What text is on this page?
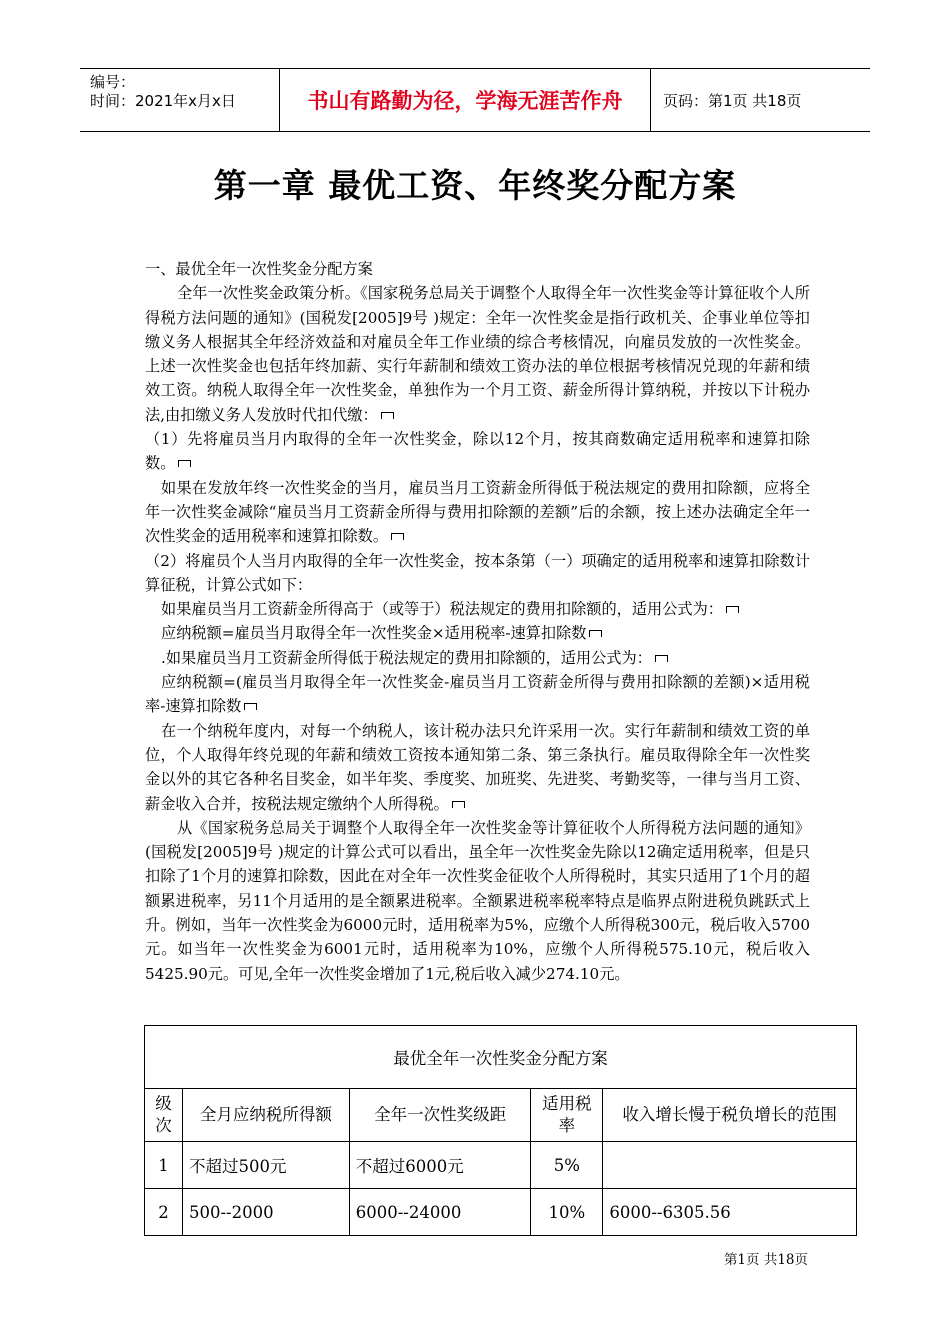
编号：
时间：2021年x月x日	书山有路勤为径，学海无涯苦作舟	页码：第1页 共18页
第一章 最优工资、年终奖分配方案

一、最优全年一次性奖金分配方案

全年一次性奖金政策分析。《国家税务总局关于调整个人取得全年一次性奖金等计算征收个人所得税方法问题的通知》(国税发[2005]9号 )规定：全年一次性奖金是指行政机关、企事业单位等扣缴义务人根据其全年经济效益和对雇员全年工作业绩的综合考核情况，向雇员发放的一次性奖金。上述一次性奖金也包括年终加薪、实行年薪制和绩效工资办法的单位根据考核情况兑现的年薪和绩效工资。纳税人取得全年一次性奖金，单独作为一个月工资、薪金所得计算纳税，并按以下计税办法,由扣缴义务人发放时代扣代缴：

（1）先将雇员当月内取得的全年一次性奖金，除以12个月，按其商数确定适用税率和速算扣除数。

如果在发放年终一次性奖金的当月，雇员当月工资薪金所得低于税法规定的费用扣除额，应将全年一次性奖金减除“雇员当月工资薪金所得与费用扣除额的差额”后的余额，按上述办法确定全年一次性奖金的适用税率和速算扣除数。

（2）将雇员个人当月内取得的全年一次性奖金，按本条第（一）项确定的适用税率和速算扣除数计算征税，计算公式如下：

如果雇员当月工资薪金所得高于（或等于）税法规定的费用扣除额的，适用公式为：

应纳税额=雇员当月取得全年一次性奖金×适用税率-速算扣除数

.如果雇员当月工资薪金所得低于税法规定的费用扣除额的，适用公式为：

应纳税额=(雇员当月取得全年一次性奖金-雇员当月工资薪金所得与费用扣除额的差额)×适用税率-速算扣除数

在一个纳税年度内，对每一个纳税人，该计税办法只允许采用一次。实行年薪制和绩效工资的单位，个人取得年终兑现的年薪和绩效工资按本通知第二条、第三条执行。雇员取得除全年一次性奖金以外的其它各种名目奖金，如半年奖、季度奖、加班奖、先进奖、考勤奖等，一律与当月工资、薪金收入合并，按税法规定缴纳个人所得税。

从《国家税务总局关于调整个人取得全年一次性奖金等计算征收个人所得税方法问题的通知》(国税发[2005]9号 )规定的计算公式可以看出，虽全年一次性奖金先除以12确定适用税率，但是只扣除了1个月的速算扣除数，因此在对全年一次性奖金征收个人所得税时，其实只适用了1个月的超额累进税率，另11个月适用的是全额累进税率。全额累进税率税率特点是临界点附进税负跳跃式上升。例如，当年一次性奖金为6000元时，适用税率为5%，应缴个人所得税300元，税后收入5700元。如当年一次性奖金为6001元时，适用税率为10%，应缴个人所得税575.10元，税后收入5425.90元。可见,全年一次性奖金增加了1元,税后收入减少274.10元。

最优全年一次性奖金分配方案				
级次	全月应纳税所得额	全年一次性奖级距	适用税率	收入增长慢于税负增长的范围
1	不超过500元	不超过6000元	5%	
2	500--2000	6000--24000	10%	6000--6305.56
第1页 共18页
